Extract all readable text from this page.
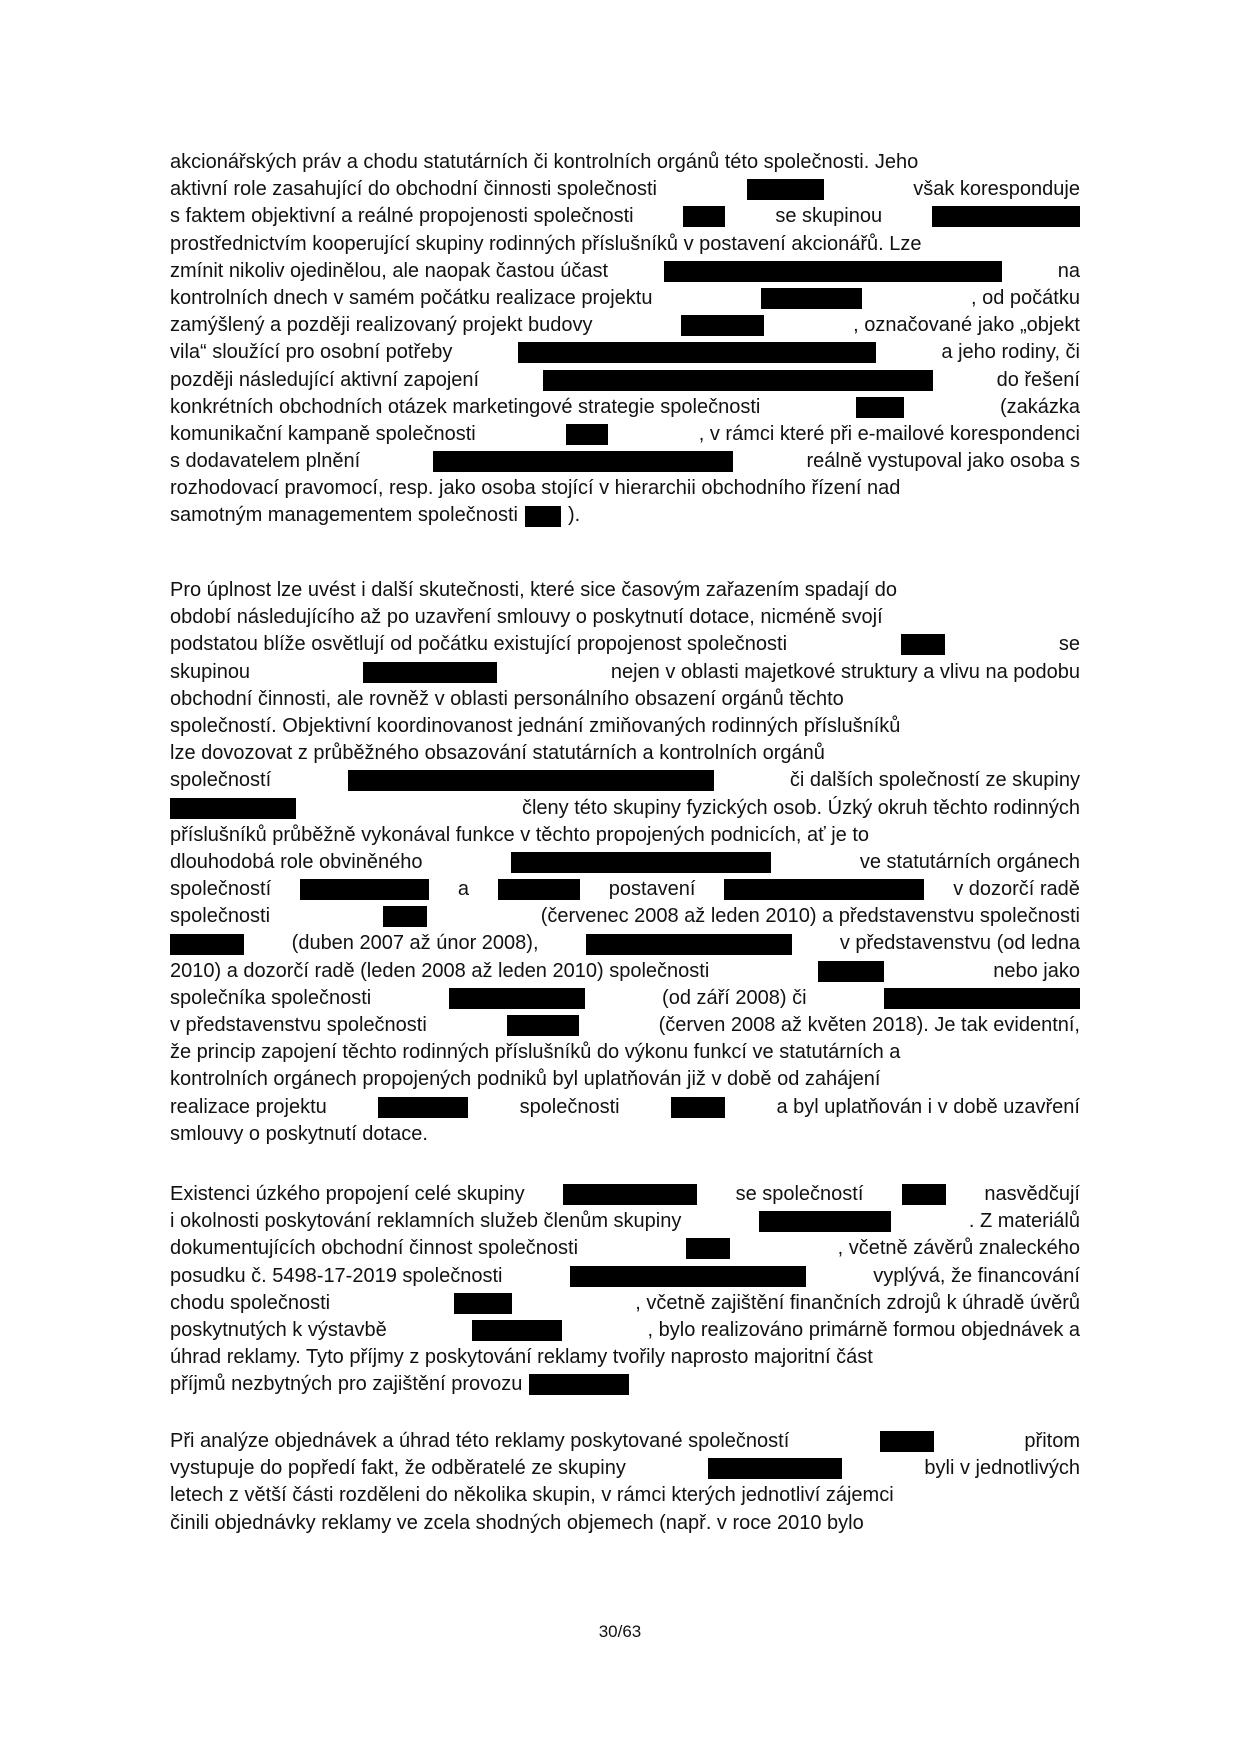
akcionářských práv a chodu statutárních či kontrolních orgánů této společnosti. Jeho
aktivní role zasahující do obchodní činnosti společnosti	však koresponduje
s faktem objektivní a reálné propojenosti společnosti	se skupinou
prostřednictvím kooperující skupiny rodinných příslušníků v postavení akcionářů. Lze
zmínit nikoliv ojedinělou, ale naopak častou účast	na
kontrolních dnech v samém počátku realizace projektu	, od počátku
zamýšlený a později realizovaný projekt budovy	, označované jako „objekt
vila“ sloužící pro osobní potřeby	a jeho rodiny, či
později následující aktivní zapojení	do řešení
konkrétních obchodních otázek marketingové strategie společnosti	(zakázka
komunikační kampaně společnosti	, v rámci které při e-mailové korespondenci
s dodavatelem plnění	reálně vystupoval jako osoba s
rozhodovací pravomocí, resp. jako osoba stojící v hierarchii obchodního řízení nad
samotným managementem společnosti	).
Pro úplnost lze uvést i další skutečnosti, které sice časovým zařazením spadají do
období následujícího až po uzavření smlouvy o poskytnutí dotace, nicméně svojí
podstatou blíže osvětlují od počátku existující propojenost společnosti	se
skupinou	nejen v oblasti majetkové struktury a vlivu na podobu
obchodní činnosti, ale rovněž v oblasti personálního obsazení orgánů těchto
společností. Objektivní koordinovanost jednání zmiňovaných rodinných příslušníků
lze dovozovat z průběžného obsazování statutárních a kontrolních orgánů
společností	či dalších společností ze skupiny
členy této skupiny fyzických osob. Úzký okruh těchto rodinných
příslušníků průběžně vykonával funkce v těchto propojených podnicích, ať je to
dlouhodobá role obviněného	ve statutárních orgánech
společností	a	postavení	v dozorčí radě
společnosti	(červenec 2008 až leden 2010) a představenstvu společnosti
(duben 2007 až únor 2008),	v představenstvu (od ledna
2010) a dozorčí radě (leden 2008 až leden 2010) společnosti	nebo jako
společníka společnosti	(od září 2008) či
v představenstvu společnosti	(červen 2008 až květen 2018). Je tak evidentní,
že princip zapojení těchto rodinných příslušníků do výkonu funkcí ve statutárních a
kontrolních orgánech propojených podniků byl uplatňován již v době od zahájení
realizace projektu	společnosti	a byl uplatňován i v době uzavření
smlouvy o poskytnutí dotace.
Existenci úzkého propojení celé skupiny	se společností	nasvědčují
i okolnosti poskytování reklamních služeb členům skupiny	. Z materiálů
dokumentujících obchodní činnost společnosti	, včetně závěrů znaleckého
posudku č. 5498-17-2019 společnosti	vyplývá, že financování
chodu společnosti	, včetně zajištění finančních zdrojů k úhradě úvěrů
poskytnutých k výstavbě	, bylo realizováno primárně formou objednávek a
úhrad reklamy. Tyto příjmy z poskytování reklamy tvořily naprosto majoritní část
příjmů nezbytných pro zajištění provozu
Při analýze objednávek a úhrad této reklamy poskytované společností	přitom
vystupuje do popředí fakt, že odběratelé ze skupiny	byli v jednotlivých
letech z větší části rozděleni do několika skupin, v rámci kterých jednotliví zájemci
činili objednávky reklamy ve zcela shodných objemech (např. v roce 2010 bylo
30/63
